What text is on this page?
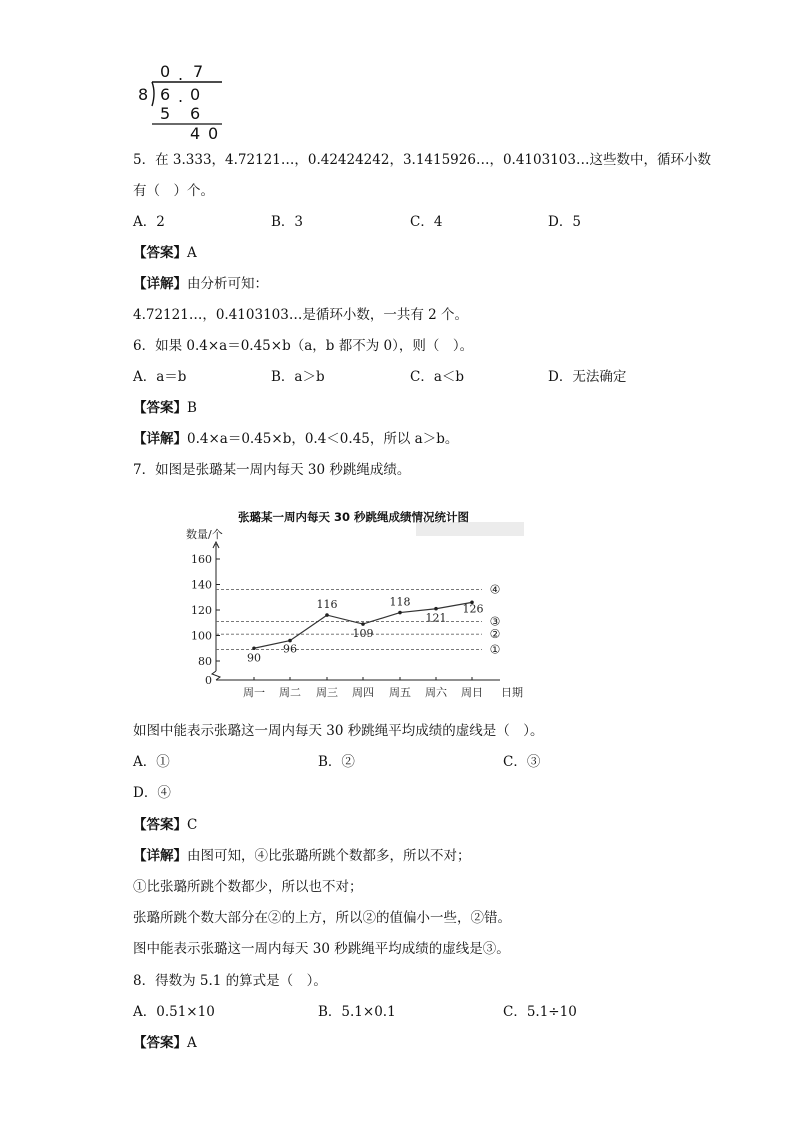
0 . 7
8 6 . 0
5 6
4 0
5．在 3.333，4.72121…，0.42424242，3.1415926…，0.4103103…这些数中，循环小数
有（　）个。
A．2	B．3	C．4	D．5
【答案】A
【详解】由分析可知：
4.72121…，0.4103103…是循环小数，一共有 2 个。
6．如果 0.4×a＝0.45×b（a，b 都不为 0），则（　）。
A．a＝b	B．a＞b	C．a＜b	D．无法确定
【答案】B
【详解】0.4×a＝0.45×b，0.4＜0.45，所以 a＞b。
7．如图是张璐某一周内每天 30 秒跳绳成绩。
张璐某一周内每天 30 秒跳绳成绩情况统计图
数量/个
0
80
100
120
140
160
④
③
②
①
90
96
116
109
118
121
126
周一 周二 周三 周四 周五 周六 周日 日期
如图中能表示张璐这一周内每天 30 秒跳绳平均成绩的虚线是（　）。
A．①	B．②	C．③
D．④
【答案】C
【详解】由图可知，④比张璐所跳个数都多，所以不对；
①比张璐所跳个数都少，所以也不对；
张璐所跳个数大部分在②的上方，所以②的值偏小一些，②错。
图中能表示张璐这一周内每天 30 秒跳绳平均成绩的虚线是③。
8．得数为 5.1 的算式是（　）。
A．0.51×10	B．5.1×0.1	C．5.1÷10
【答案】A
